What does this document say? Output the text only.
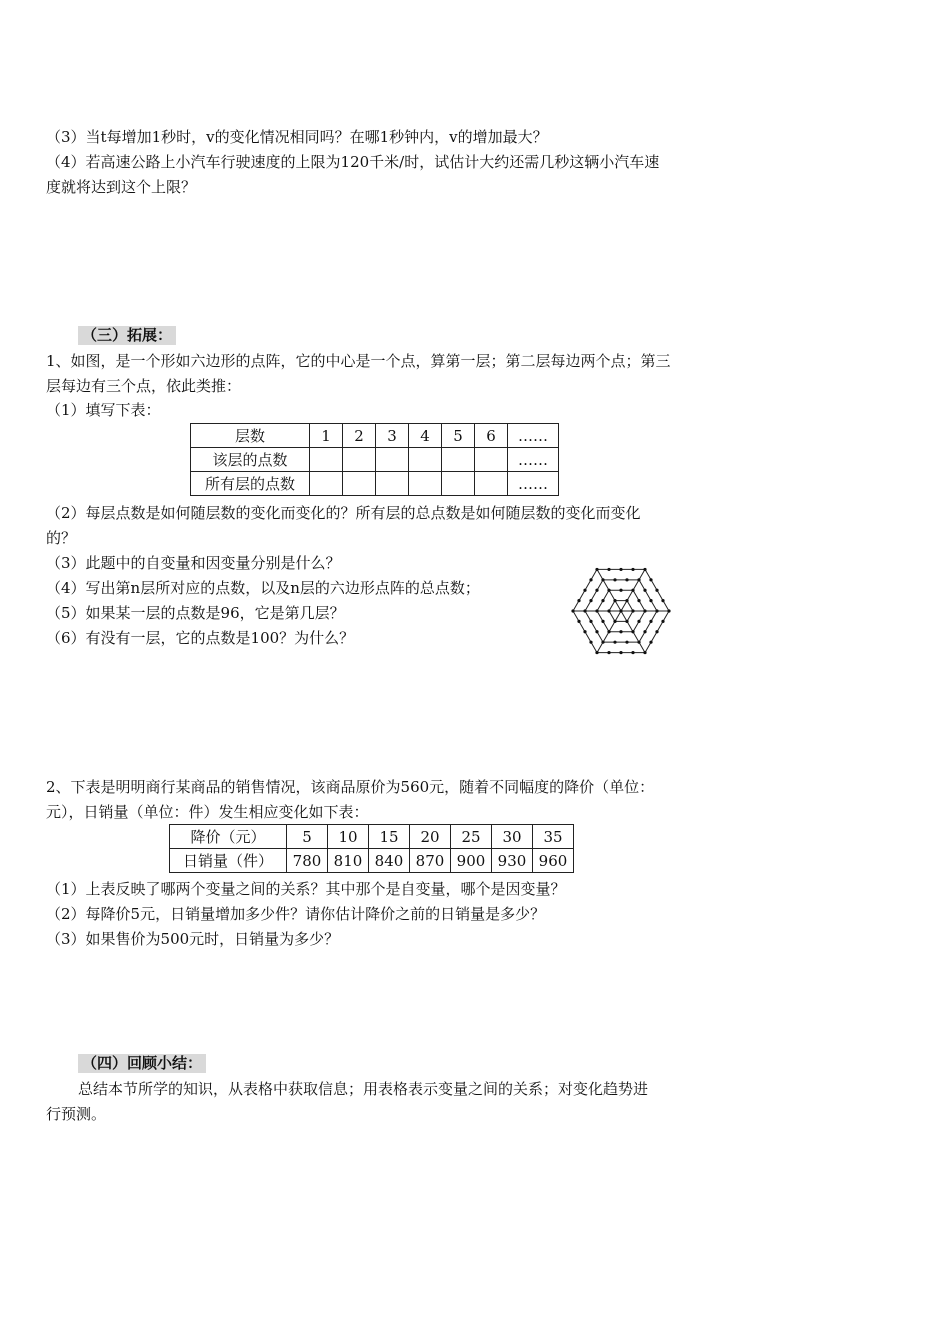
（3）当t每增加1秒时，v的变化情况相同吗？在哪1秒钟内，v的增加最大？
（4）若高速公路上小汽车行驶速度的上限为120千米/时，试估计大约还需几秒这辆小汽车速
度就将达到这个上限？
（三）拓展：
1、如图，是一个形如六边形的点阵，它的中心是一个点，算第一层；第二层每边两个点；第三
层每边有三个点，依此类推：
（1）填写下表：
层数	1	2	3	4	5	6	……
该层的点数							……
所有层的点数							……
（2）每层点数是如何随层数的变化而变化的？所有层的总点数是如何随层数的变化而变化
的？
（3）此题中的自变量和因变量分别是什么？
（4）写出第n层所对应的点数，以及n层的六边形点阵的总点数；
（5）如果某一层的点数是96，它是第几层？
（6）有没有一层，它的点数是100？为什么？
2、下表是明明商行某商品的销售情况，该商品原价为560元，随着不同幅度的降价（单位：
元），日销量（单位：件）发生相应变化如下表：
降价（元）	5	10	15	20	25	30	35
日销量（件）	780	810	840	870	900	930	960
（1）上表反映了哪两个变量之间的关系？其中那个是自变量，哪个是因变量？
（2）每降价5元，日销量增加多少件？请你估计降价之前的日销量是多少？
（3）如果售价为500元时，日销量为多少？
（四）回顾小结：
总结本节所学的知识，从表格中获取信息；用表格表示变量之间的关系；对变化趋势进
行预测。
